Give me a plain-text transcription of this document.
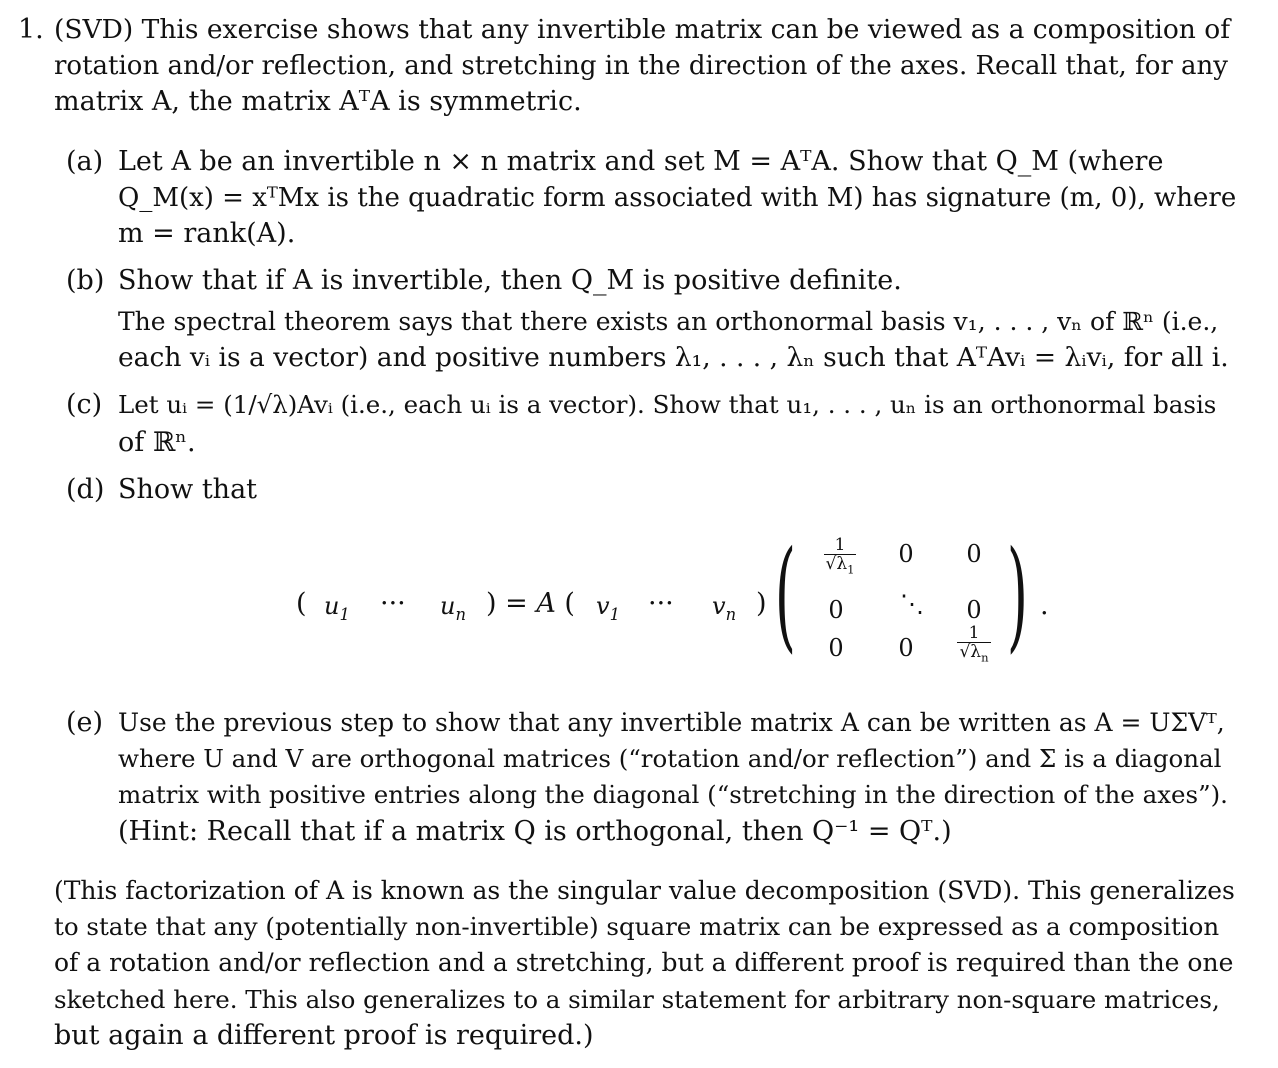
1. (SVD) This exercise shows that any invertible matrix can be viewed as a composition of
rotation and/or reflection, and stretching in the direction of the axes. Recall that, for any
matrix A, the matrix AᵀA is symmetric.
(a) Let A be an invertible n × n matrix and set M = AᵀA. Show that Q_M (where
Q_M(x) = xᵀMx is the quadratic form associated with M) has signature (m, 0), where
m = rank(A).
(b) Show that if A is invertible, then Q_M is positive definite.
The spectral theorem says that there exists an orthonormal basis v₁, . . . , vₙ of ℝⁿ (i.e.,
each vᵢ is a vector) and positive numbers λ₁, . . . , λₙ such that AᵀAvᵢ = λᵢvᵢ, for all i.
(c) Let uᵢ = (1/√λ)Avᵢ (i.e., each uᵢ is a vector). Show that u₁, . . . , uₙ is an orthonormal basis
of ℝⁿ.
(d) Show that
( $u_1$ ··· $u_n$ ) = A ( $v_1$ ··· $v_n$ ) ( )
$\frac{1}{√\lambda_1}$	0	0
0	⋱	0
0	0	$\frac{1}{√\lambda_n}$
.
(e) Use the previous step to show that any invertible matrix A can be written as A = UΣVᵀ,
where U and V are orthogonal matrices (“rotation and/or reflection”) and Σ is a diagonal
matrix with positive entries along the diagonal (“stretching in the direction of the axes”).
(Hint: Recall that if a matrix Q is orthogonal, then Q⁻¹ = Qᵀ.)
(This factorization of A is known as the singular value decomposition (SVD). This generalizes
to state that any (potentially non-invertible) square matrix can be expressed as a composition
of a rotation and/or reflection and a stretching, but a different proof is required than the one
sketched here. This also generalizes to a similar statement for arbitrary non-square matrices,
but again a different proof is required.)
( u₁ ··· uₙ ) = A ( v₁ ··· vₙ ) diag(1/√λ₁, …, 1/√λₙ).
